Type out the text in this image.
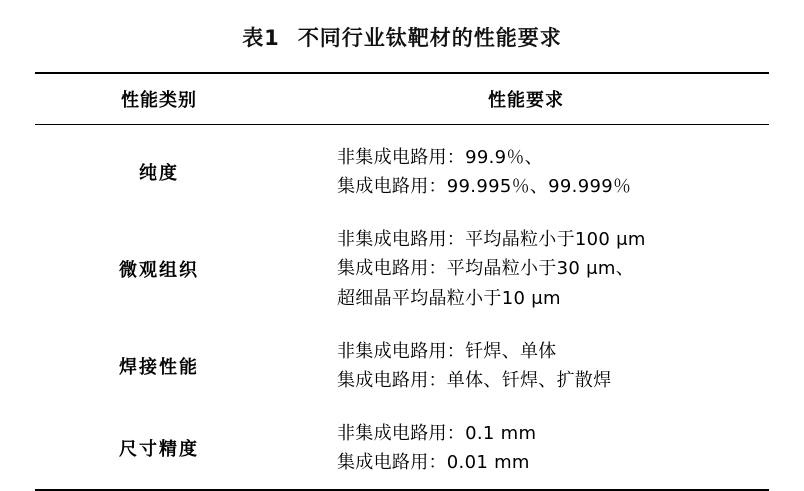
表1 不同行业钛靶材的性能要求
性能类别	性能要求

纯度	非集成电路用：99.9％、
集成电路用：99.995％、99.999％

微观组织	非集成电路用：平均晶粒小于100 μm
集成电路用：平均晶粒小于30 μm、
超细晶平均晶粒小于10 μm

焊接性能	非集成电路用：钎焊、单体
集成电路用：单体、钎焊、扩散焊

尺寸精度	非集成电路用：0.1 mm
集成电路用：0.01 mm
